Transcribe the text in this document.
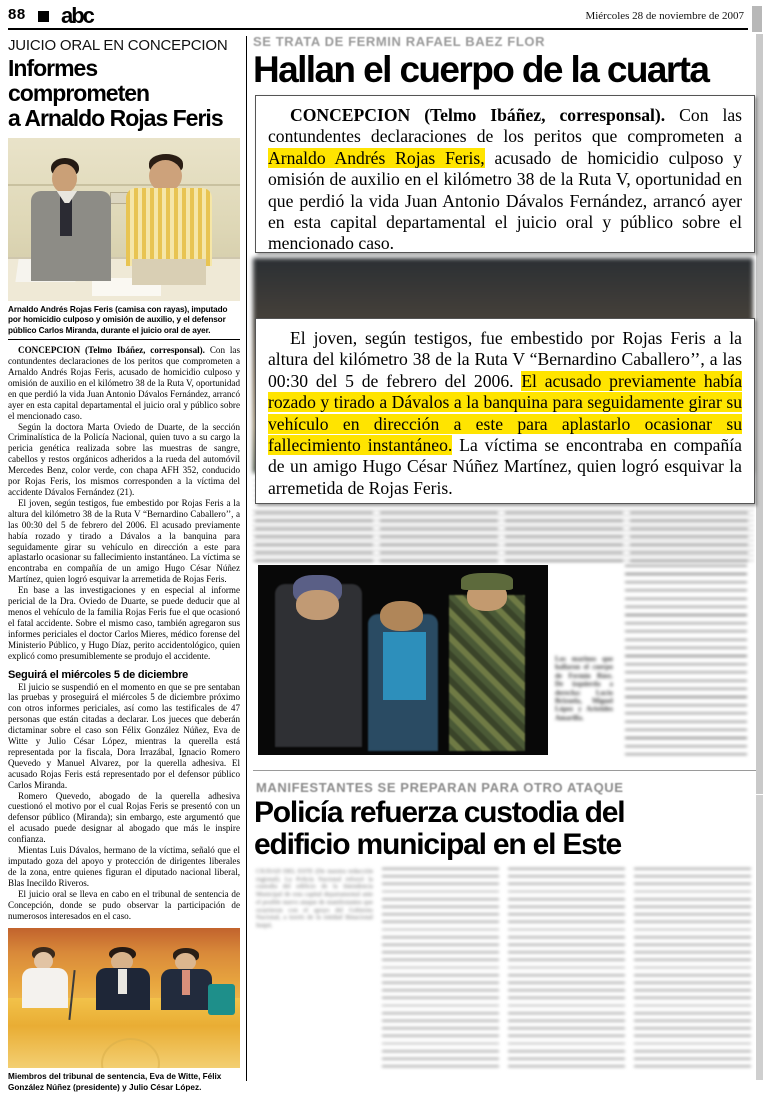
88 abc	Miércoles 28 de noviembre de 2007
JUICIO ORAL EN CONCEPCION
Informes comprometen
a Arnaldo Rojas Feris
Arnaldo Andrés Rojas Feris (camisa con rayas), imputado por homicidio culposo y omisión de auxilio, y el defensor público Carlos Miranda, durante el juicio oral de ayer.

CONCEPCION (Telmo Ibáñez, corresponsal). Con las contundentes declaraciones de los peritos que comprometen a Arnaldo Andrés Rojas Feris, acusado de homicidio culposo y omisión de auxilio en el kilómetro 38 de la Ruta V, oportunidad en que perdió la vida Juan Antonio Dávalos Fernández, arrancó ayer en esta capital departamental el juicio oral y público sobre el mencionado caso.

Según la doctora Marta Oviedo de Duarte, de la sección Criminalística de la Policía Nacional, quien tuvo a su cargo la pericia genética realizada sobre las muestras de sangre, cabellos y restos orgánicos adheridos a la rueda del automóvil Mercedes Benz, color verde, con chapa AFH 352, conducido por Rojas Feris, los mismos corresponden a la víctima del accidente Dávalos Fernández (21).

El joven, según testigos, fue embestido por Rojas Feris a la altura del kilómetro 38 de la Ruta V “Bernardino Caballero’’, a las 00:30 del 5 de febrero del 2006. El acusado previamente había rozado y tirado a Dávalos a la banquina para seguidamente girar su vehículo en dirección a este para aplastarlo ocasionar su fallecimiento instantáneo. La víctima se encontraba en compañía de un amigo Hugo César Núñez Martínez, quien logró esquivar la arremetida de Rojas Feris.

En base a las investigaciones y en especial al informe pericial de la Dra. Oviedo de Duarte, se puede deducir que al menos el vehículo de la familia Rojas Feris fue el que ocasionó el fatal accidente. Sobre el mismo caso, también agregaron sus informes periciales el doctor Carlos Mieres, médico forense del Ministerio Público, y Hugo Díaz, perito accidentológico, quien explicó como presumiblemente se produjo el accidente.

Seguirá el miércoles 5 de diciembre

El juicio se suspendió en el momento en que se pre sentaban las pruebas y proseguirá el miércoles 5 de diciembre próximo con otros informes periciales, así como las testificales de 47 personas que están citadas a declarar. Los jueces que deberán dictaminar sobre el caso son Félix González Núñez, Eva de Witte y Julio César López, mientras la querella está representada por la fiscala, Dora Irrazábal, Ignacio Romero Quevedo y Manuel Alvarez, por la querella adhesiva. El acusado Rojas Feris está representado por el defensor público Carlos Miranda.

Romero Quevedo, abogado de la querella adhesiva cuestionó el motivo por el cual Rojas Feris se presentó con un defensor público (Miranda); sin embargo, este argumentó que el acusado puede designar al abogado que más le inspire confianza.

Mientas Luis Dávalos, hermano de la víctima, señaló que el imputado goza del apoyo y protección de dirigentes liberales de la zona, entre quienes figuran el diputado nacional liberal, Blas Inecildo Riveros.

El juicio oral se lleva en cabo en el tribunal de sentencia de Concepción, donde se pudo observar la participación de numerosos interesados en el caso.

Miembros del tribunal de sentencia, Eva de Witte, Félix González Núñez (presidente) y Julio César López.
SE TRATA DE FERMIN RAFAEL BAEZ FLOR
Hallan el cuerpo de la cuarta
Los marinos que hallaron el cuerpo de Fermín Báez. De izquierda a derecha: Lucio Brizuela, Miguel López y Aristides Amarilla.

CONCEPCION (Telmo Ibáñez, corresponsal). Con las contundentes declaraciones de los peritos que comprometen a Arnaldo Andrés Rojas Feris, acusado de homicidio culposo y omisión de auxilio en el kilómetro 38 de la Ruta V, oportunidad en que perdió la vida Juan Antonio Dávalos Fernández, arrancó ayer en esta capital departamental el juicio oral y público sobre el mencionado caso.

El joven, según testigos, fue embestido por Rojas Feris a la altura del kilómetro 38 de la Ruta V “Bernardino Caballero’’, a las 00:30 del 5 de febrero del 2006. El acusado previamente había rozado y tirado a Dávalos a la banquina para seguidamente girar su vehículo en dirección a este para aplastarlo ocasionar su fallecimiento instantáneo. La víctima se encontraba en compañía de un amigo Hugo César Núñez Martínez, quien logró esquivar la arremetida de Rojas Feris.

MANIFESTANTES SE PREPARAN PARA OTRO ATAQUE
Policía refuerza custodia del
edificio municipal en el Este
CIUDAD DEL ESTE (De nuestra redacción regional). La Policía Nacional reforzó la custodia del edificio de la Intendencia Municipal de esta capital departamental ante el posible nuevo ataque de manifestantes que ocurrieron con el apoyo del Gobierno Nacional, a través de la entidad Binacional Itaipú.
